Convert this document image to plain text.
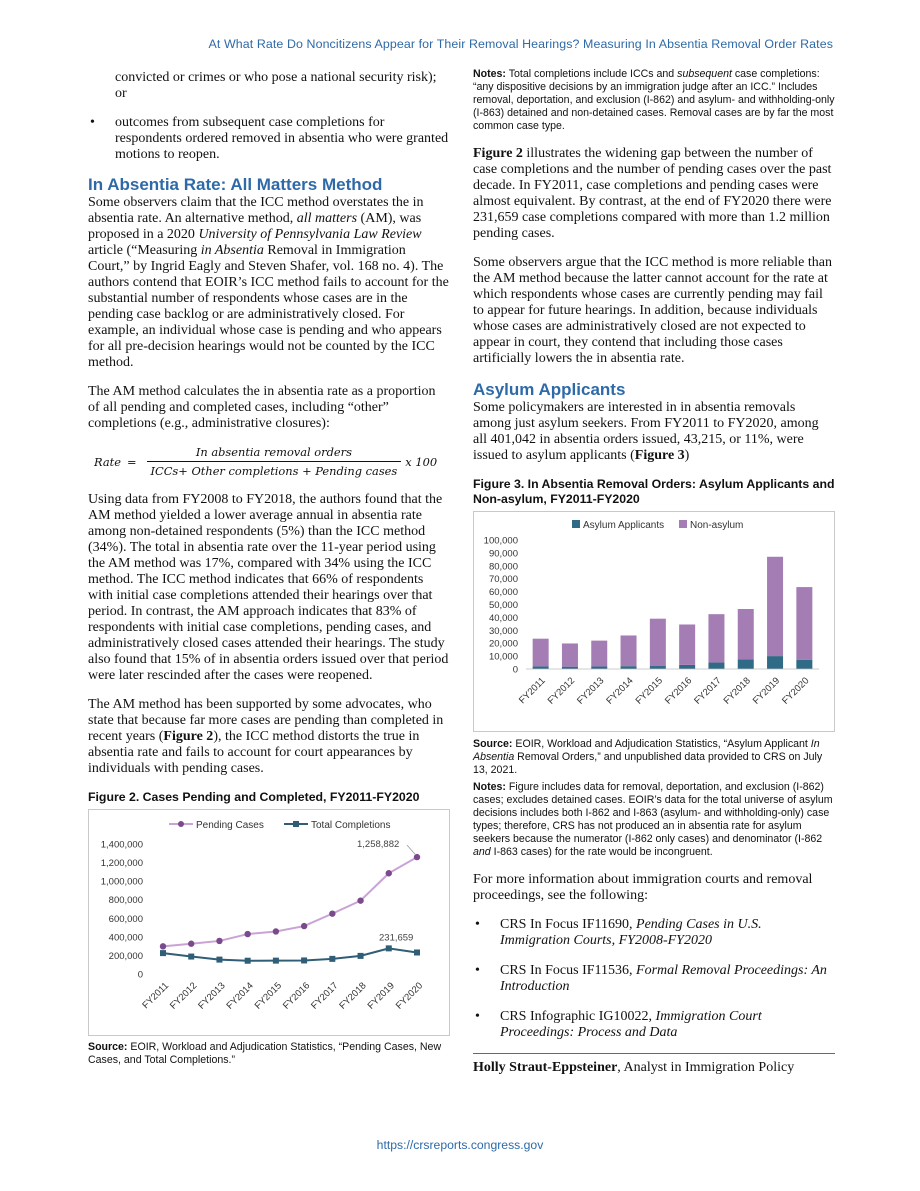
At What Rate Do Noncitizens Appear for Their Removal Hearings? Measuring In Absentia Removal Order Rates

convicted or crimes or who pose a national security risk); or

• outcomes from subsequent case completions for respondents ordered removed in absentia who were granted motions to reopen.
In Absentia Rate: All Matters Method

Some observers claim that the ICC method overstates the in absentia rate. An alternative method, all matters (AM), was proposed in a 2020 University of Pennsylvania Law Review article (“Measuring in Absentia Removal in Immigration Court,” by Ingrid Eagly and Steven Shafer, vol. 168 no. 4). The authors contend that EOIR’s ICC method fails to account for the substantial number of respondents whose cases are in the pending case backlog or are administratively closed. For example, an individual whose case is pending and who appears for all pre-decision hearings would not be counted by the ICC method.

The AM method calculates the in absentia rate as a proportion of all pending and completed cases, including “other” completions (e.g., administrative closures):

Rate = $\frac{\text{In absentia removal orders}}{\text{ICCs+ Other completions + Pending cases}}$ x 100

Using data from FY2008 to FY2018, the authors found that the AM method yielded a lower average annual in absentia rate among non-detained respondents (5%) than the ICC method (34%). The total in absentia rate over the 11-year period using the AM method was 17%, compared with 34% using the ICC method. The ICC method indicates that 66% of respondents with initial case completions attended their hearings over that period. In contrast, the AM approach indicates that 83% of respondents with initial case completions, pending cases, and administratively closed cases attended their hearings. The study also found that 15% of in absentia orders issued over that period were later rescinded after the cases were reopened.

The AM method has been supported by some advocates, who state that because far more cases are pending than completed in recent years (Figure 2), the ICC method distorts the true in absentia rate and fails to account for court appearances by individuals with pending cases.

Figure 2. Cases Pending and Completed, FY2011-FY2020
Pending Cases	Total Completions
1,400,000
1,200,000
1,000,000
800,000
600,000
400,000
200,000
0
FY2011
FY2012
FY2013
FY2014
FY2015
FY2016
FY2017
FY2018
FY2019
FY2020
1,258,882
231,659
Source: EOIR, Workload and Adjudication Statistics, “Pending Cases, New Cases, and Total Completions.”
Notes: Total completions include ICCs and subsequent case completions: “any dispositive decisions by an immigration judge after an ICC.” Includes removal, deportation, and exclusion (I-862) and asylum- and withholding-only (I-863) detained and non-detained cases. Removal cases are by far the most common case type.

Figure 2 illustrates the widening gap between the number of case completions and the number of pending cases over the past decade. In FY2011, case completions and pending cases were almost equivalent. By contrast, at the end of FY2020 there were 231,659 case completions compared with more than 1.2 million pending cases.

Some observers argue that the ICC method is more reliable than the AM method because the latter cannot account for the rate at which respondents whose cases are currently pending may fail to appear for future hearings. In addition, because individuals whose cases are administratively closed are not expected to appear in court, they contend that including those cases artificially lowers the in absentia rate.

Asylum Applicants

Some policymakers are interested in in absentia removals among just asylum seekers. From FY2011 to FY2020, among all 401,042 in absentia orders issued, 43,215, or 11%, were issued to asylum applicants (Figure 3)

Figure 3. In Absentia Removal Orders: Asylum Applicants and Non-asylum, FY2011-FY2020
Asylum Applicants	Non-asylum
100,000
90,000
80,000
70,000
60,000
50,000
40,000
30,000
20,000
10,000
0
FY2011
FY2012
FY2013
FY2014
FY2015
FY2016
FY2017
FY2018
FY2019
FY2020
Source: EOIR, Workload and Adjudication Statistics, “Asylum Applicant In Absentia Removal Orders,” and unpublished data provided to CRS on July 13, 2021.
Notes: Figure includes data for removal, deportation, and exclusion (I-862) cases; excludes detained cases. EOIR’s data for the total universe of asylum decisions includes both I-862 and I-863 (asylum- and withholding-only) case types; therefore, CRS has not produced an in absentia rate for asylum seekers because the numerator (I-862 only cases) and denominator (I-862 and I-863 cases) for the rate would be incongruent.

For more information about immigration courts and removal proceedings, see the following:

• CRS In Focus IF11690, Pending Cases in U.S. Immigration Courts, FY2008-FY2020
• CRS In Focus IF11536, Formal Removal Proceedings: An Introduction
• CRS Infographic IG10022, Immigration Court Proceedings: Process and Data

Holly Straut-Eppsteiner, Analyst in Immigration Policy

https://crsreports.congress.gov
